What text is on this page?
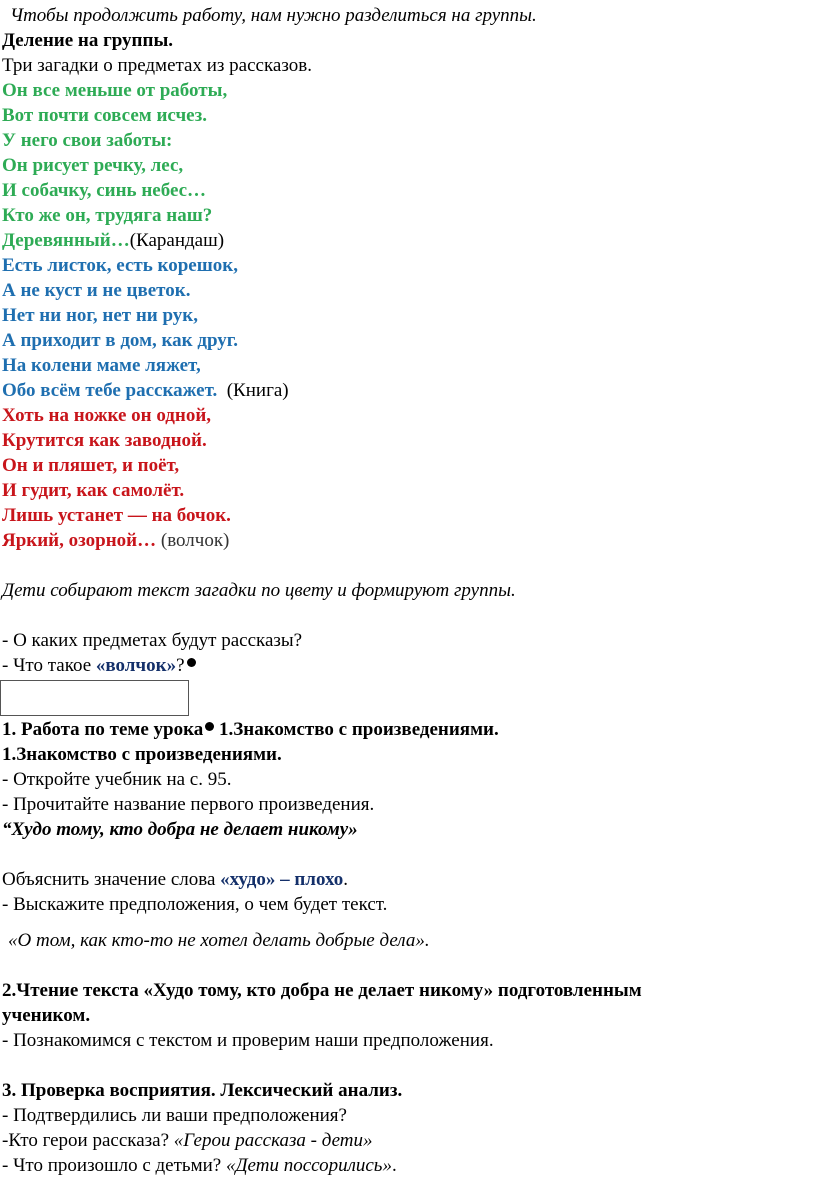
Чтобы продолжить работу, нам нужно разделиться на группы.
Деление на группы.
Три загадки о предметах из рассказов.
Он все меньше от работы,
Вот почти совсем исчез.
У него свои заботы:
Он рисует речку, лес,
И собачку, синь небес…
Кто же он, трудяга наш?
Деревянный…(Карандаш)
Есть листок, есть корешок,
А не куст и не цветок.
Нет ни ног, нет ни рук,
А приходит в дом, как друг.
На колени маме ляжет,
Обо всём тебе расскажет. (Книга)
Хоть на ножке он одной,
Крутится как заводной.
Он и пляшет, и поёт,
И гудит, как самолёт.
Лишь устанет — на бочок.
Яркий, озорной… (волчок)
Дети собирают текст загадки по цвету и формируют группы.
- О каких предметах будут рассказы?
- Что такое «волчок»?
1. Работа по теме урока 1.Знакомство с произведениями.
1.Знакомство с произведениями.
- Откройте учебник на с. 95.
- Прочитайте название первого произведения.
“Худо тому, кто добра не делает никому»
Объяснить значение слова «худо» – плохо.
- Выскажите предположения, о чем будет текст.
«О том, как кто-то не хотел делать добрые дела».
2.Чтение текста «Худо тому, кто добра не делает никому» подготовленным
учеником.
- Познакомимся с текстом и проверим наши предположения.
3. Проверка восприятия. Лексический анализ.
- Подтвердились ли ваши предположения?
-Кто герои рассказа? «Герои рассказа - дети»
- Что произошло с детьми? «Дети поссорились».
